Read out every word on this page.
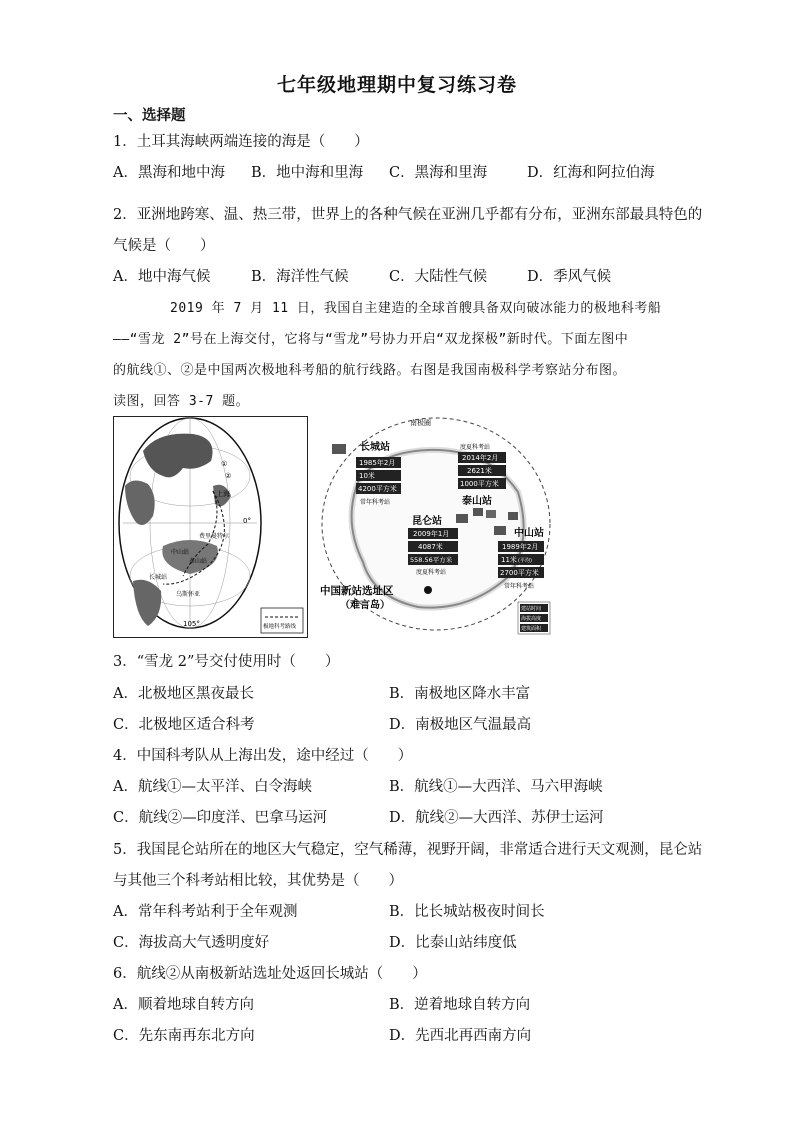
七年级地理期中复习练习卷
一、选择题
1．土耳其海峡两端连接的海是（　　）
A．黑海和地中海 B．地中海和里海 C．黑海和里海	D．红海和阿拉伯海
2．亚洲地跨寒、温、热三带，世界上的各种气候在亚洲几乎都有分布，亚洲东部最具特色的
气候是（　　）
A．地中海气候	B．海洋性气候	C．大陆性气候	D．季风气候
2019 年 7 月 11 日，我国自主建造的全球首艘具备双向破冰能力的极地科考船
——“雪龙 2”号在上海交付，它将与“雪龙”号协力开启“双龙探极”新时代。下面左图中
的航线①、②是中国两次极地科考船的航行线路。右图是我国南极科学考察站分布图。
读图，回答 3-7 题。
①
②
上海
0°
费里曼特尔
中山站
泰山站
长城站
乌斯怀亚
105°	极地科考路线
南极圈
长城站
1985年2月
10米
4200平方米
常年科考站
度夏科考站
2014年2月
2621米
1000平方米
泰山站
昆仑站
2009年1月
4087米
558.56平方米
度夏科考站
中山站
1989年2月
11米 (平均)
2700平方米
常年科考站
中国新站选址区
（难言岛）	建站时间
海拔高度
建筑面积
3．“雪龙 2”号交付使用时（　　）
A．北极地区黑夜最长	B．南极地区降水丰富
C．北极地区适合科考	D．南极地区气温最高
4．中国科考队从上海出发，途中经过（　　）
A．航线①—太平洋、白令海峡	B．航线①—大西洋、马六甲海峡
C．航线②—印度洋、巴拿马运河	D．航线②—大西洋、苏伊士运河
5．我国昆仑站所在的地区大气稳定，空气稀薄，视野开阔，非常适合进行天文观测，昆仑站
与其他三个科考站相比较，其优势是（　　）
A．常年科考站利于全年观测	B．比长城站极夜时间长
C．海拔高大气透明度好	D．比泰山站纬度低
6．航线②从南极新站选址处返回长城站（　　）
A．顺着地球自转方向	B．逆着地球自转方向
C．先东南再东北方向	D．先西北再西南方向
